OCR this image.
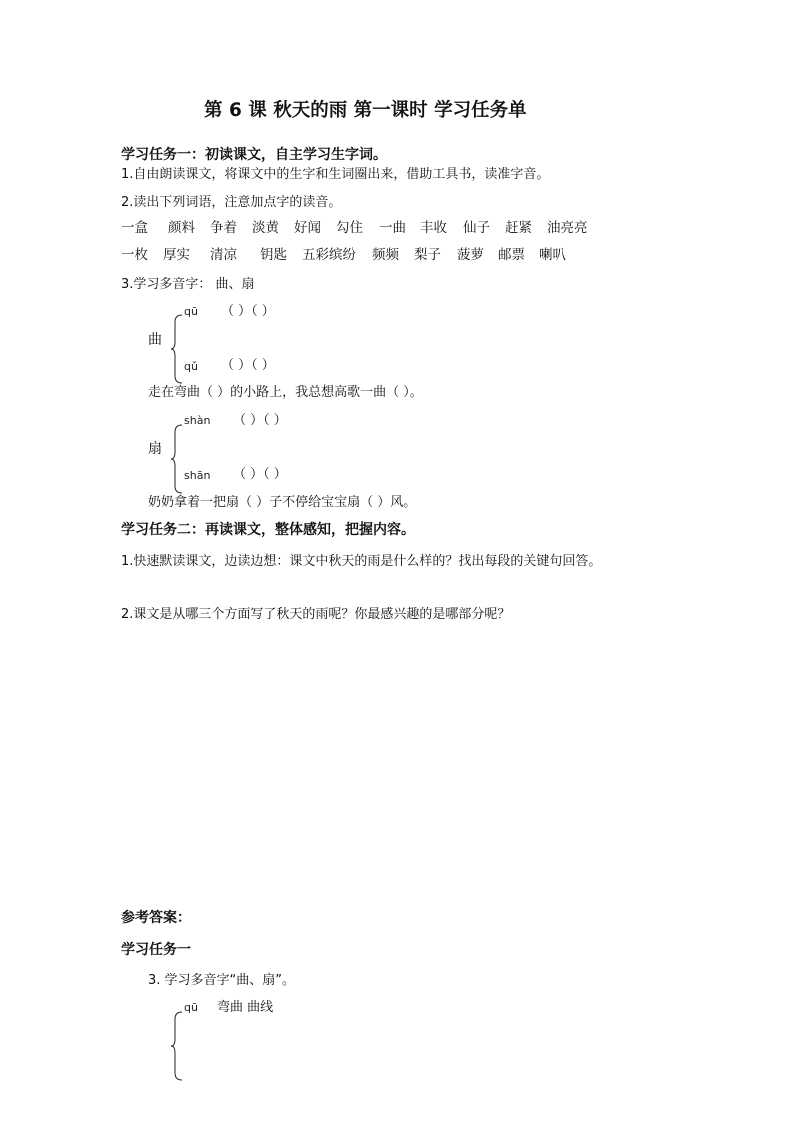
第 6 课 秋天的雨 第一课时 学习任务单
学习任务一：初读课文，自主学习生字词。
1.自由朗读课文，将课文中的生字和生词圈出来，借助工具书，读准字音。
2.读出下列词语，注意加点字的读音。
一盒 颜料 争着 淡黄 好闻 勾住 一曲 丰收 仙子 赶紧 油亮亮
一枚 厚实 清凉 钥匙 五彩缤纷 频频 梨子 菠萝 邮票 喇叭
3.学习多音字： 曲、扇
qū （ ）（ ）
曲
qǔ （ ）（ ）
走在弯曲（ ）的小路上，我总想高歌一曲（ ）。
shàn （ ）（ ）
扇
shān （ ）（ ）
奶奶拿着一把扇（ ）子不停给宝宝扇（ ）风。
学习任务二：再读课文，整体感知，把握内容。
1.快速默读课文，边读边想：课文中秋天的雨是什么样的？找出每段的关键句回答。
2.课文是从哪三个方面写了秋天的雨呢？你最感兴趣的是哪部分呢？
参考答案：
学习任务一
3. 学习多音字“曲、扇”。
qū 弯曲 曲线
